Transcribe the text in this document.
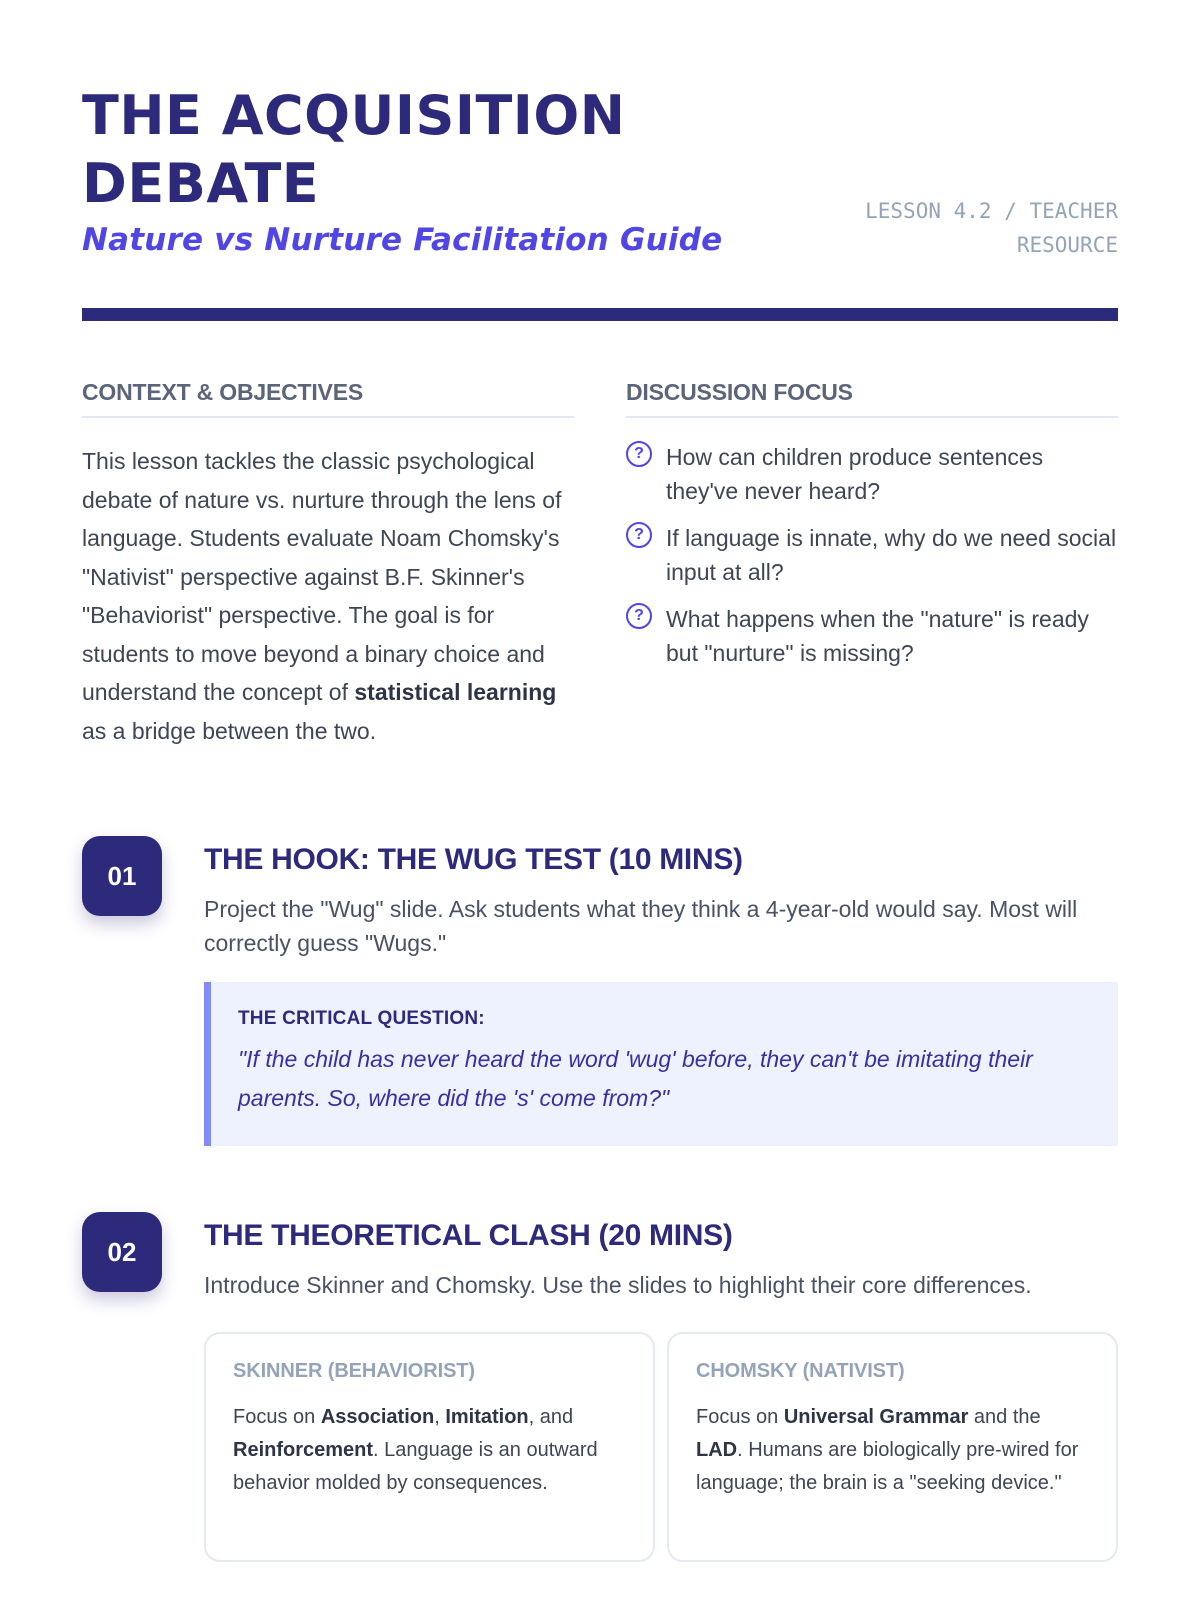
THE ACQUISITION
DEBATE
Nature vs Nurture Facilitation Guide
LESSON 4.2 / TEACHER
RESOURCE
CONTEXT & OBJECTIVES

This lesson tackles the classic psychological debate of nature vs. nurture through the lens of language. Students evaluate Noam Chomsky's "Nativist" perspective against B.F. Skinner's "Behaviorist" perspective. The goal is for students to move beyond a binary choice and understand the concept of statistical learning as a bridge between the two.

DISCUSSION FOCUS
? How can children produce sentences they've never heard?
? If language is innate, why do we need social input at all?
? What happens when the "nature" is ready but "nurture" is missing?
01	THE HOOK: THE WUG TEST (10 MINS)

Project the "Wug" slide. Ask students what they think a 4-year-old would say. Most will correctly guess "Wugs."

THE CRITICAL QUESTION:
"If the child has never heard the word 'wug' before, they can't be imitating their parents. So, where did the 's' come from?"
02	THE THEORETICAL CLASH (20 MINS)

Introduce Skinner and Chomsky. Use the slides to highlight their core differences.

SKINNER (BEHAVIORIST)

Focus on Association, Imitation, and Reinforcement. Language is an outward behavior molded by consequences.

CHOMSKY (NATIVIST)

Focus on Universal Grammar and the LAD. Humans are biologically pre-wired for language; the brain is a "seeking device."
